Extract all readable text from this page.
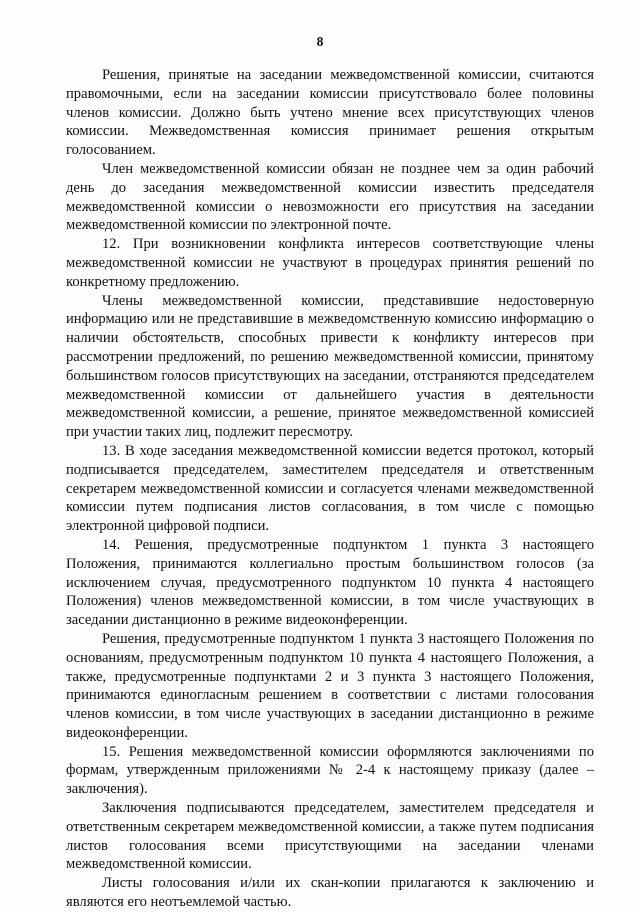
8

Решения, принятые на заседании межведомственной комиссии, считаются правомочными, если на заседании комиссии присутствовало более половины членов комиссии. Должно быть учтено мнение всех присутствующих членов комиссии. Межведомственная комиссия принимает решения открытым голосованием.

Член межведомственной комиссии обязан не позднее чем за один рабочий день до заседания межведомственной комиссии известить председателя межведомственной комиссии о невозможности его присутствия на заседании межведомственной комиссии по электронной почте.

12. При возникновении конфликта интересов соответствующие члены межведомственной комиссии не участвуют в процедурах принятия решений по конкретному предложению.

Члены межведомственной комиссии, представившие недостоверную информацию или не представившие в межведомственную комиссию информацию о наличии обстоятельств, способных привести к конфликту интересов при рассмотрении предложений, по решению межведомственной комиссии, принятому большинством голосов присутствующих на заседании, отстраняются председателем межведомственной комиссии от дальнейшего участия в деятельности межведомственной комиссии, а решение, принятое межведомственной комиссией при участии таких лиц, подлежит пересмотру.

13. В ходе заседания межведомственной комиссии ведется протокол, который подписывается председателем, заместителем председателя и ответственным секретарем межведомственной комиссии и согласуется членами межведомственной комиссии путем подписания листов согласования, в том числе с помощью электронной цифровой подписи.

14. Решения, предусмотренные подпунктом 1 пункта 3 настоящего Положения, принимаются коллегиально простым большинством голосов (за исключением случая, предусмотренного подпунктом 10 пункта 4 настоящего Положения) членов межведомственной комиссии, в том числе участвующих в заседании дистанционно в режиме видеоконференции.

Решения, предусмотренные подпунктом 1 пункта 3 настоящего Положения по основаниям, предусмотренным подпунктом 10 пункта 4 настоящего Положения, а также, предусмотренные подпунктами 2 и 3 пункта 3 настоящего Положения, принимаются единогласным решением в соответствии с листами голосования членов комиссии, в том числе участвующих в заседании дистанционно в режиме видеоконференции.

15. Решения межведомственной комиссии оформляются заключениями по формам, утвержденным приложениями № 2-4 к настоящему приказу (далее – заключения).

Заключения подписываются председателем, заместителем председателя и ответственным секретарем межведомственной комиссии, а также путем подписания листов голосования всеми присутствующими на заседании членами межведомственной комиссии.

Листы голосования и/или их скан-копии прилагаются к заключению и являются его неотъемлемой частью.
